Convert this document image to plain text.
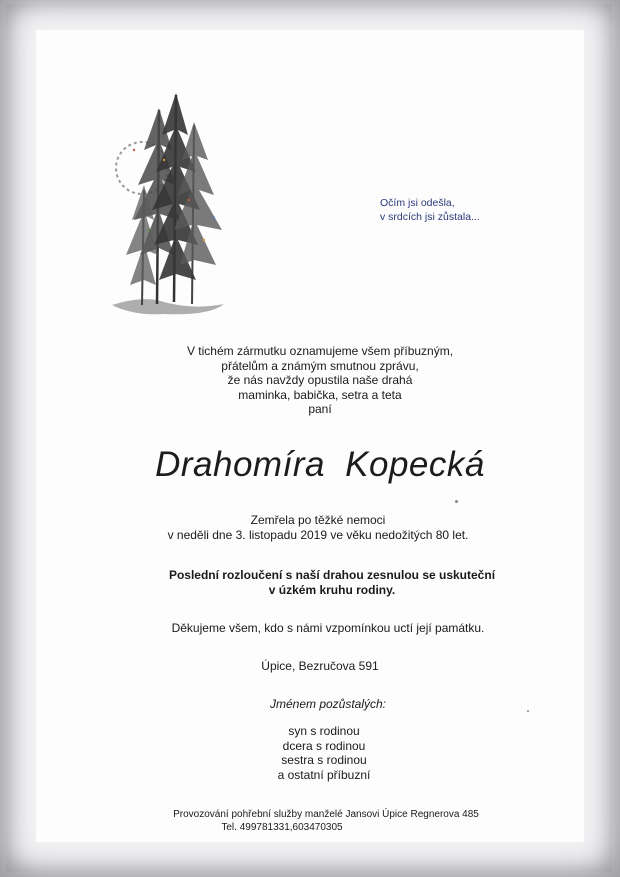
Očím jsi odešla,
v srdcích jsi zůstala...
V tichém zármutku oznamujeme všem příbuzným,
přátelům a známým smutnou zprávu,
že nás navždy opustila naše drahá
maminka, babička, setra a teta
paní
Drahomíra Kopecká
Zemřela po těžké nemoci
v neděli dne 3. listopadu 2019 ve věku nedožitých 80 let.
Poslední rozloučení s naší drahou zesnulou se uskuteční
v úzkém kruhu rodiny.
Děkujeme všem, kdo s námi vzpomínkou uctí její památku.
Úpice, Bezručova 591
Jménem pozůstalých:
syn s rodinou
dcera s rodinou
sestra s rodinou
a ostatní příbuzní
Provozování pohřební služby manželé Jansovi Úpice Regnerova 485
Tel. 499781331,603470305
